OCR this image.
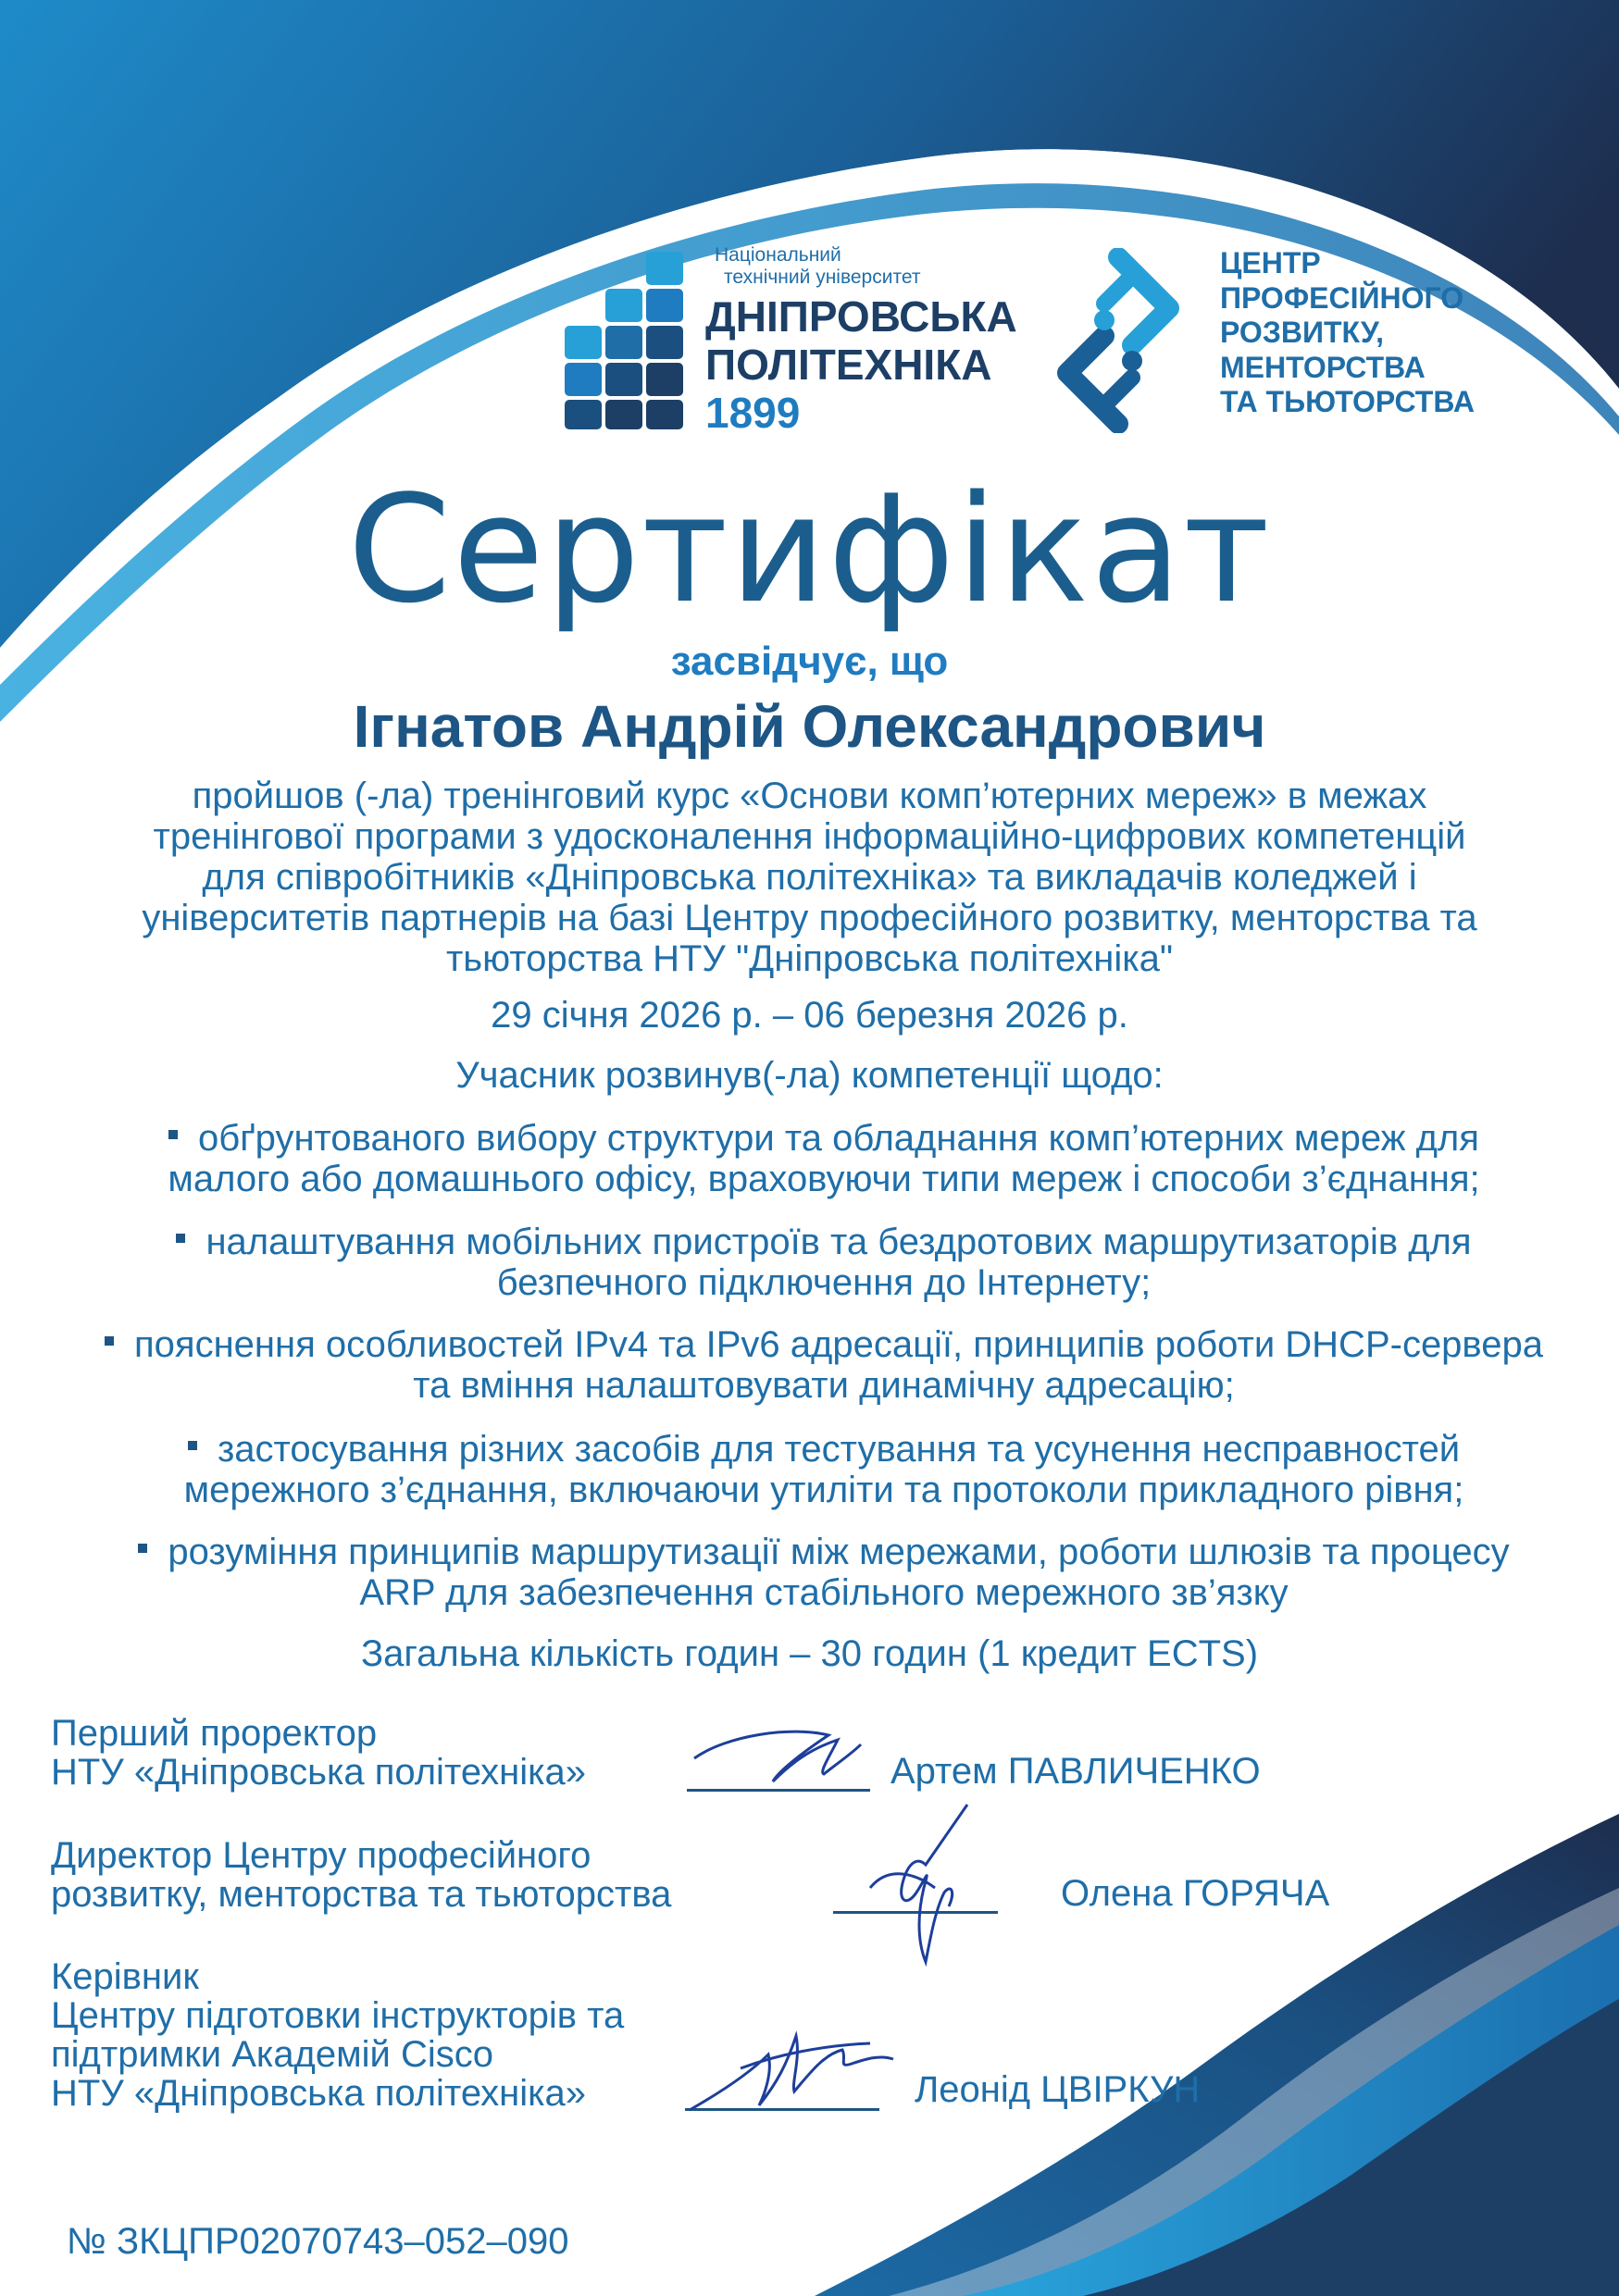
Національний
технічний університет
ДНІПРОВСЬКА
ПОЛІТЕХНІКА
1899
ЦЕНТР
ПРОФЕСІЙНОГО
РОЗВИТКУ,
МЕНТОРСТВА
ТА ТЬЮТОРСТВА
Сертифікат
засвідчує, що
Ігнатов Андрій Олександрович
пройшов (-ла) тренінговий курс «Основи комп’ютерних мереж» в межах
тренінгової програми з удосконалення інформаційно-цифрових компетенцій
для співробітників «Дніпровська політехніка» та викладачів коледжей і
університетів партнерів на базі Центру професійного розвитку, менторства та
тьюторства НТУ "Дніпровська політехніка"
29 січня 2026 р. – 06 березня 2026 р.
Учасник розвинув(-ла) компетенції щодо:
обґрунтованого вибору структури та обладнання комп’ютерних мереж для
малого або домашнього офісу, враховуючи типи мереж і способи з’єднання;
налаштування мобільних пристроїв та бездротових маршрутизаторів для
безпечного підключення до Інтернету;
пояснення особливостей IPv4 та IPv6 адресації, принципів роботи DHCP-сервера
та вміння налаштовувати динамічну адресацію;
застосування різних засобів для тестування та усунення несправностей
мережного з’єднання, включаючи утиліти та протоколи прикладного рівня;
розуміння принципів маршрутизації між мережами, роботи шлюзів та процесу
ARP для забезпечення стабільного мережного зв’язку
Загальна кількість годин – 30 годин (1 кредит ECTS)
Перший проректор
НТУ «Дніпровська політехніка»	Артем ПАВЛИЧЕНКО
Директор Центру професійного
розвитку, менторства та тьюторства	Олена ГОРЯЧА
Керівник
Центру підготовки інструкторів та
підтримки Академій Cisco
НТУ «Дніпровська політехніка»	Леонід ЦВІРКУН
№ ЗКЦПР02070743–052–090
